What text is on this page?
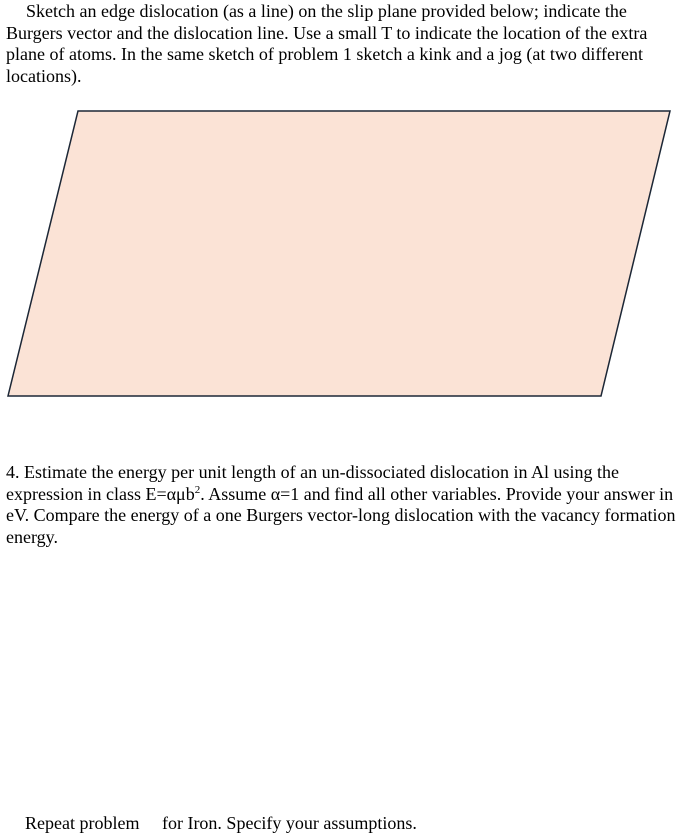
Sketch an edge dislocation (as a line) on the slip plane provided below; indicate the Burgers vector and the dislocation line. Use a small T to indicate the location of the extra plane of atoms. In the same sketch of problem 1 sketch a kink and a jog (at two different locations).

4. Estimate the energy per unit length of an un-dissociated dislocation in Al using the expression in class E=αμb$^2$. Assume α=1 and find all other variables. Provide your answer in eV. Compare the energy of a one Burgers vector-long dislocation with the vacancy formation energy.

Repeat problem     for Iron. Specify your assumptions.
